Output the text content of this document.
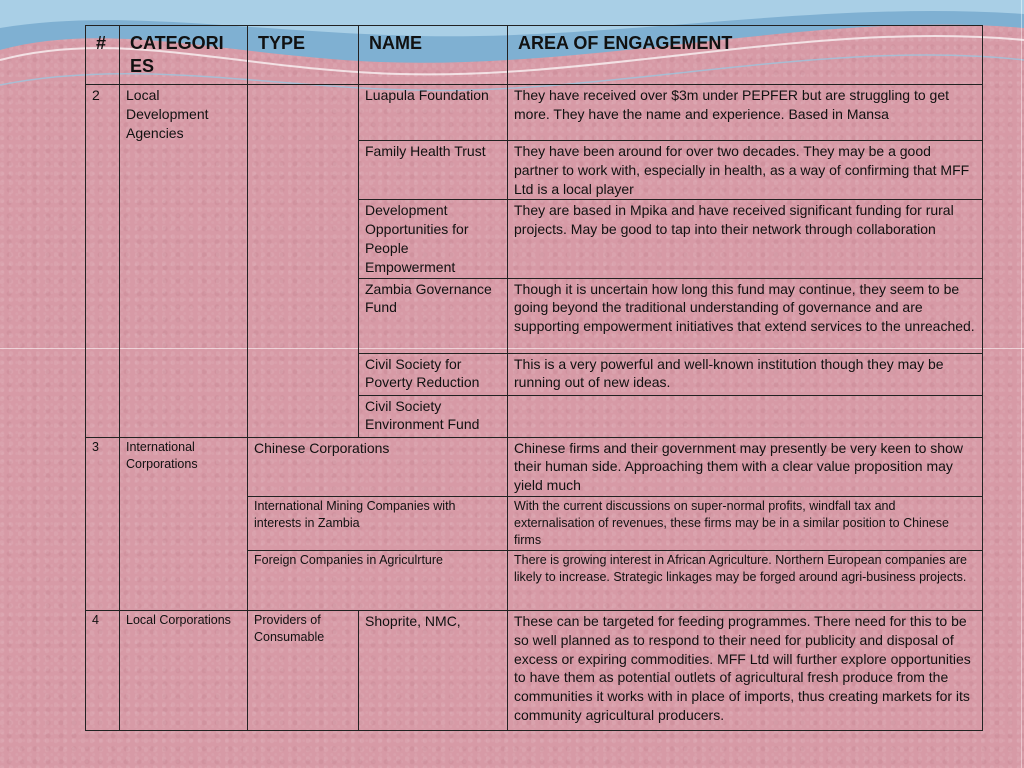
#	CATEGORI ES	TYPE	NAME	AREA OF ENGAGEMENT
2	Local Development Agencies		Luapula Foundation	They have received over $3m under PEPFER but are struggling to get more. They have the name and experience. Based in Mansa
			Family Health Trust	They have been around for over two decades. They may be a good partner to work with, especially in health, as a way of confirming that MFF Ltd is a local player
			Development Opportunities for People Empowerment	They are based in Mpika and have received significant funding for rural projects. May be good to tap into their network through collaboration
			Zambia Governance Fund	Though it is uncertain how long this fund may continue, they seem to be going beyond the traditional understanding of governance and are supporting empowerment initiatives that extend services to the unreached.
			Civil Society for Poverty Reduction	This is a very powerful and well-known institution though they may be running out of new ideas.
			Civil Society Environment Fund	
3	International Corporations	Chinese Corporations		Chinese firms and their government may presently be very keen to show their human side. Approaching them with a clear value proposition may yield much
		International Mining Companies with interests in Zambia		With the current discussions on super-normal profits, windfall tax and externalisation of revenues, these firms may be in a similar position to Chinese firms
		Foreign Companies in Agriculrture		There is growing interest in African Agriculture. Northern European companies are likely to increase. Strategic linkages may be forged around agri-business projects.
4	Local Corporations	Providers of Consumable	Shoprite, NMC,	These can be targeted for feeding programmes. There need for this to be so well planned as to respond to their need for publicity and disposal of excess or expiring commodities. MFF Ltd will further explore opportunities to have them as potential outlets of agricultural fresh produce from the communities it works with in place of imports, thus creating markets for its community agricultural producers.
